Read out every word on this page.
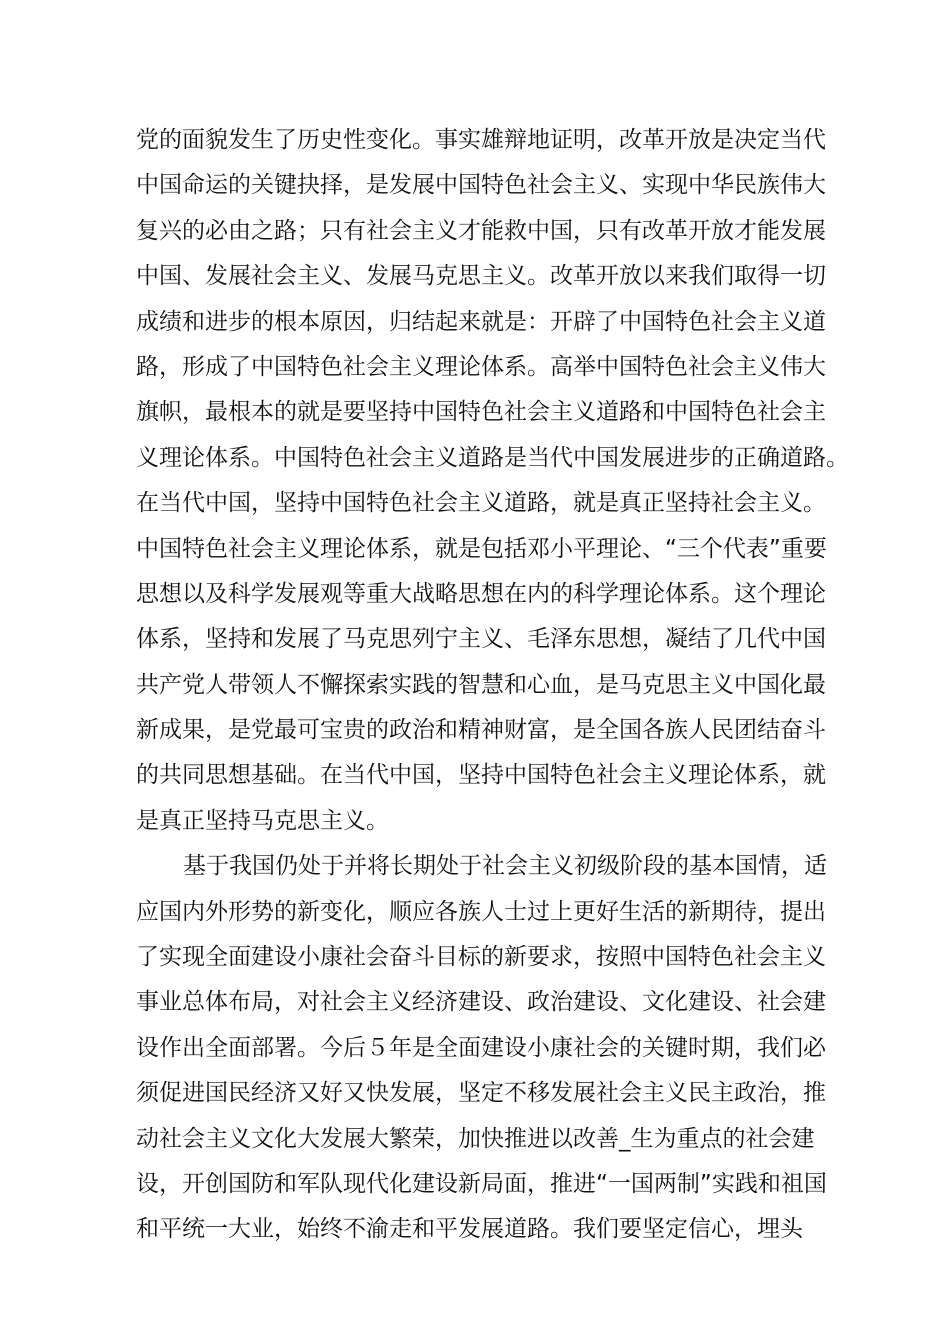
党的面貌发生了历史性变化。事实雄辩地证明，改革开放是决定当代
中国命运的关键抉择，是发展中国特色社会主义、实现中华民族伟大
复兴的必由之路；只有社会主义才能救中国，只有改革开放才能发展
中国、发展社会主义、发展马克思主义。改革开放以来我们取得一切
成绩和进步的根本原因，归结起来就是：开辟了中国特色社会主义道
路，形成了中国特色社会主义理论体系。高举中国特色社会主义伟大
旗帜，最根本的就是要坚持中国特色社会主义道路和中国特色社会主
义理论体系。中国特色社会主义道路是当代中国发展进步的正确道路。
在当代中国，坚持中国特色社会主义道路，就是真正坚持社会主义。
中国特色社会主义理论体系，就是包括邓小平理论、“三个代表”重要
思想以及科学发展观等重大战略思想在内的科学理论体系。这个理论
体系，坚持和发展了马克思列宁主义、毛泽东思想，凝结了几代中国
共产党人带领人不懈探索实践的智慧和心血，是马克思主义中国化最
新成果，是党最可宝贵的政治和精神财富，是全国各族人民团结奋斗
的共同思想基础。在当代中国，坚持中国特色社会主义理论体系，就
是真正坚持马克思主义。
基于我国仍处于并将长期处于社会主义初级阶段的基本国情，适
应国内外形势的新变化，顺应各族人士过上更好生活的新期待，提出
了实现全面建设小康社会奋斗目标的新要求，按照中国特色社会主义
事业总体布局，对社会主义经济建设、政治建设、文化建设、社会建
设作出全面部署。今后５年是全面建设小康社会的关键时期，我们必
须促进国民经济又好又快发展，坚定不移发展社会主义民主政治，推
动社会主义文化大发展大繁荣，加快推进以改善_生为重点的社会建
设，开创国防和军队现代化建设新局面，推进“一国两制”实践和祖国
和平统一大业，始终不渝走和平发展道路。我们要坚定信心，埋头
